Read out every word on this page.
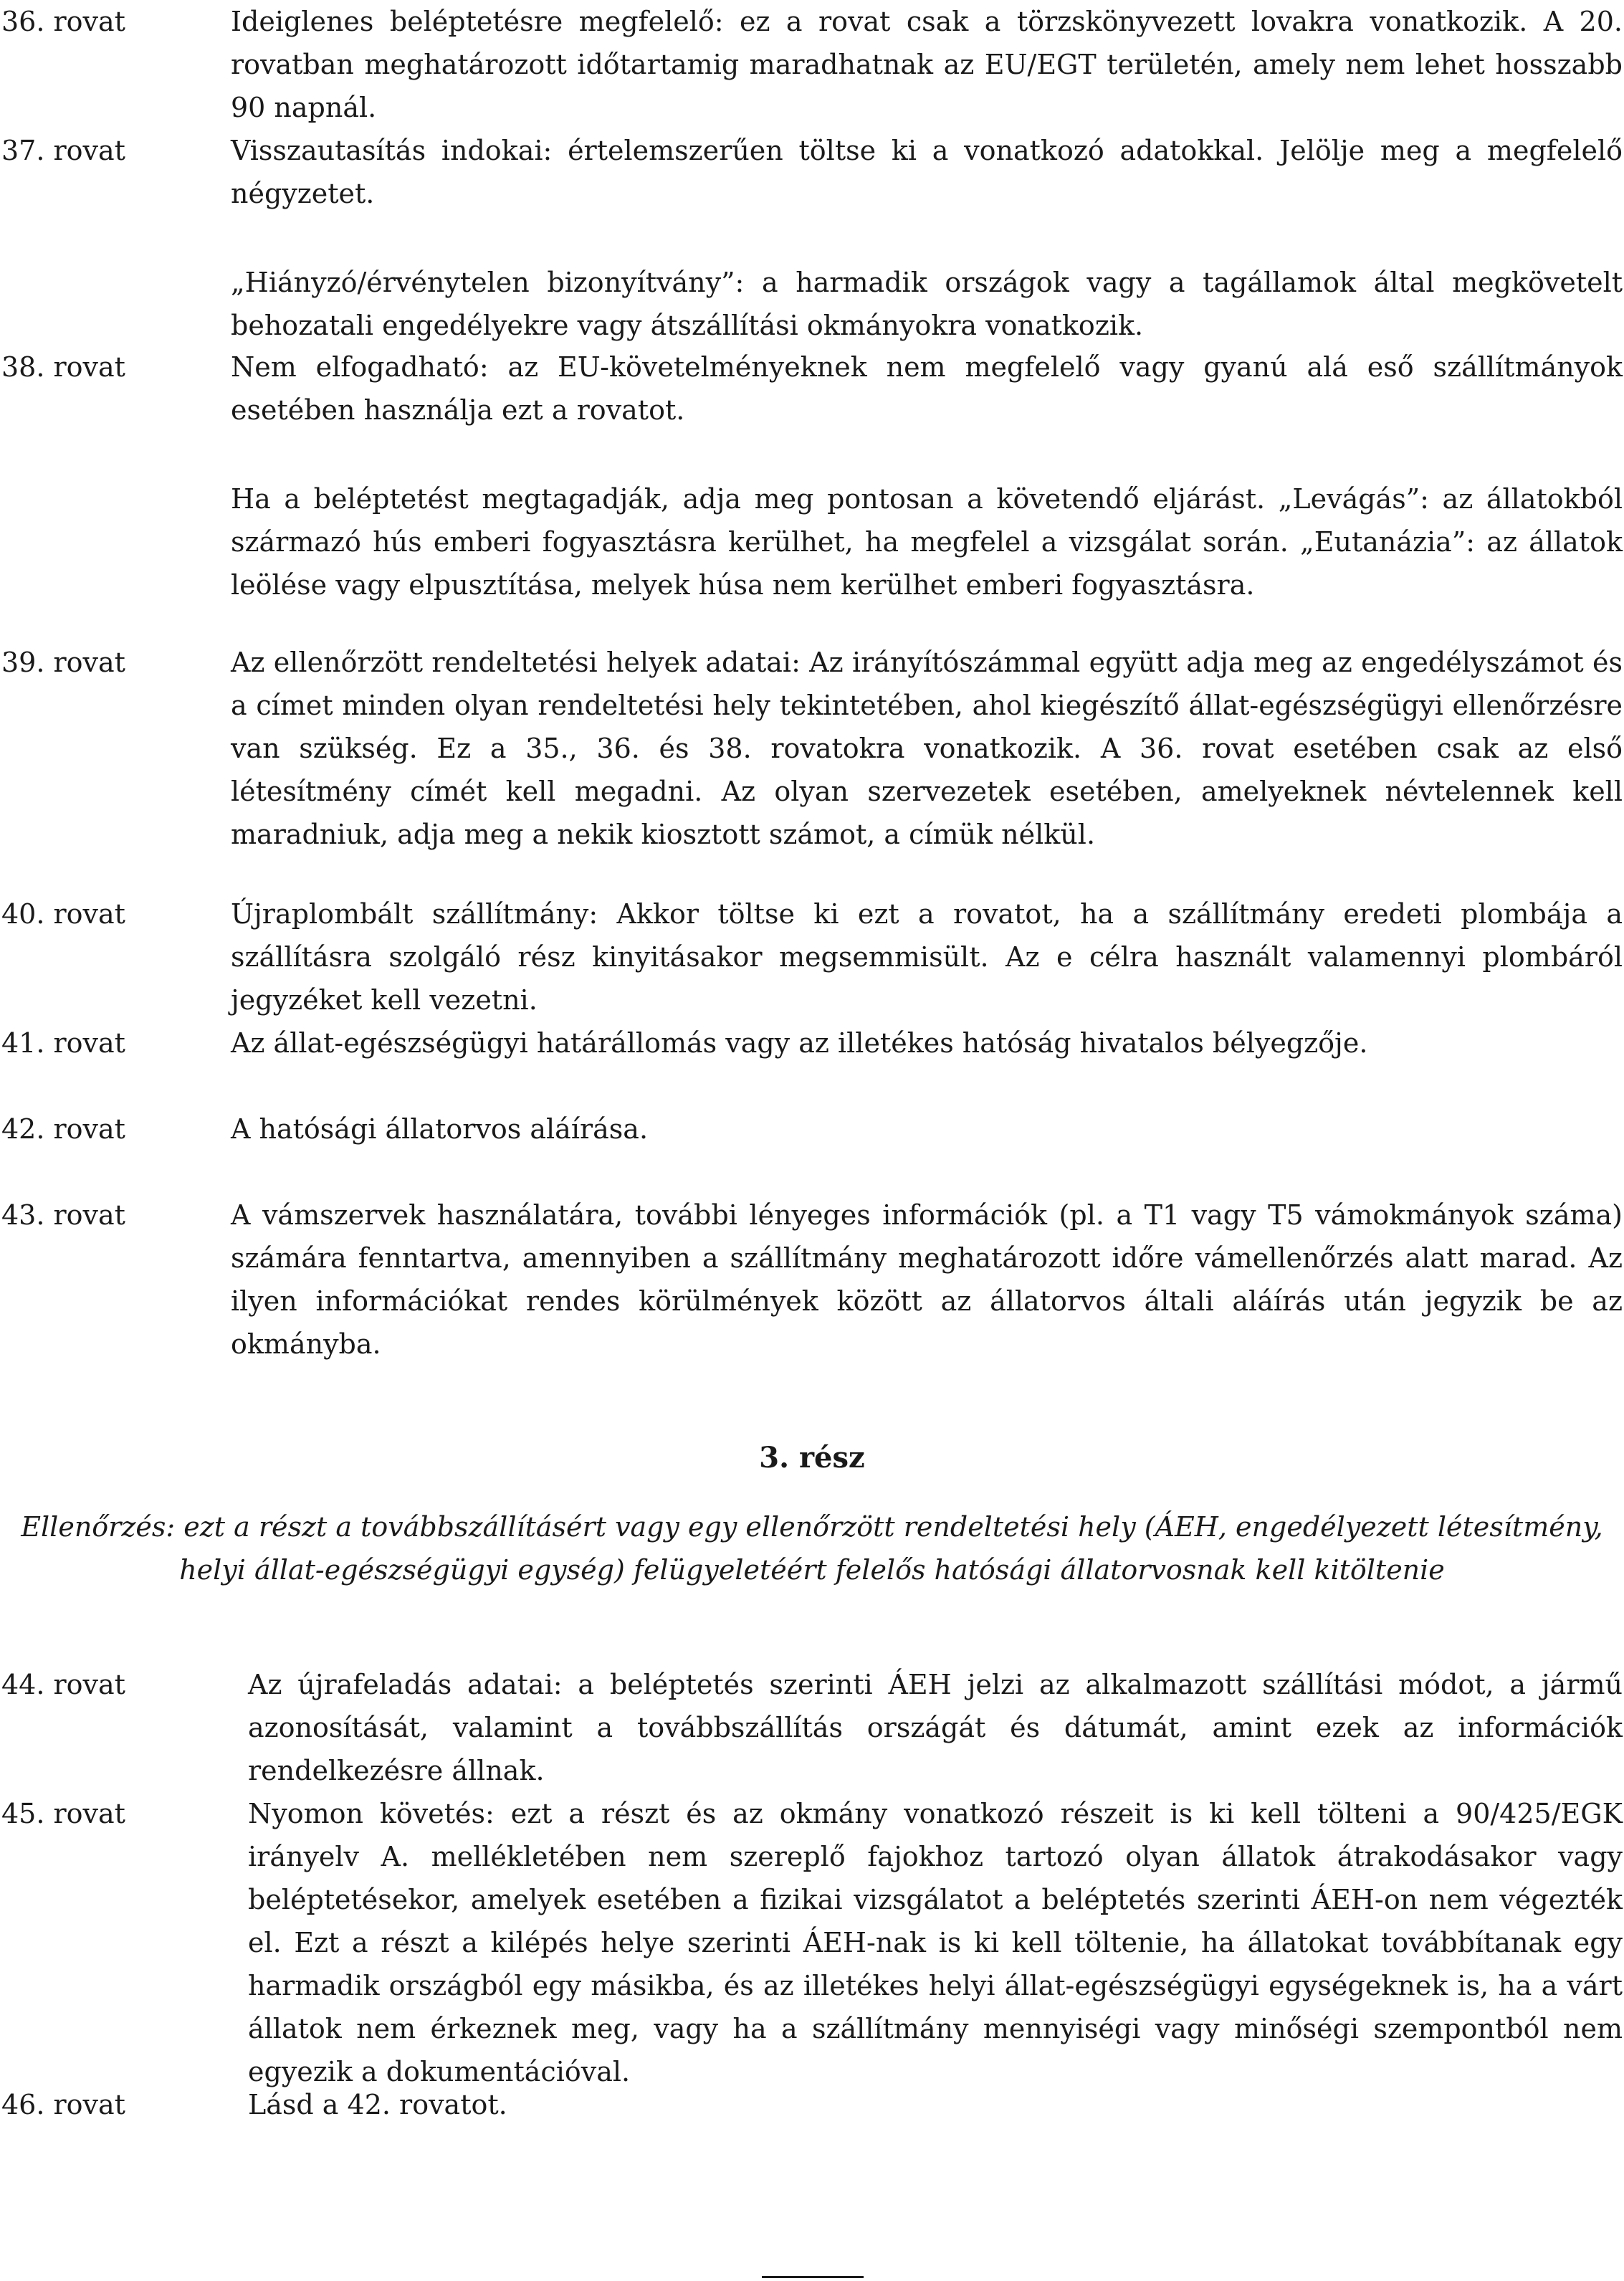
36. rovat	Ideiglenes beléptetésre megfelelő: ez a rovat csak a törzskönyvezett lovakra vonatkozik. A 20. rovatban meghatározott időtartamig maradhatnak az EU/EGT területén, amely nem lehet hosszabb 90 napnál.

37. rovat	Visszautasítás indokai: értelemszerűen töltse ki a vonatkozó adatokkal. Jelölje meg a megfelelő négyzetet.

„Hiányzó/érvénytelen bizonyítvány”: a harmadik országok vagy a tagállamok által megkövetelt behozatali engedélyekre vagy átszállítási okmányokra vonatkozik.

38. rovat	Nem elfogadható: az EU-követelményeknek nem megfelelő vagy gyanú alá eső szállítmányok esetében használja ezt a rovatot.

Ha a beléptetést megtagadják, adja meg pontosan a követendő eljárást. „Levágás”: az állatokból származó hús emberi fogyasztásra kerülhet, ha megfelel a vizsgálat során. „Eutanázia”: az állatok leölése vagy elpusztítása, melyek húsa nem kerülhet emberi fogyasztásra.

39. rovat	Az ellenőrzött rendeltetési helyek adatai: Az irányítószámmal együtt adja meg az engedélyszámot és a címet minden olyan rendeltetési hely tekintetében, ahol kiegészítő állat-egészségügyi ellenőrzésre van szükség. Ez a 35., 36. és 38. rovatokra vonatkozik. A 36. rovat esetében csak az első létesítmény címét kell megadni. Az olyan szervezetek esetében, amelyeknek névtelennek kell maradniuk, adja meg a nekik kiosztott számot, a címük nélkül.

40. rovat	Újraplombált szállítmány: Akkor töltse ki ezt a rovatot, ha a szállítmány eredeti plombája a szállításra szolgáló rész kinyitásakor megsemmisült. Az e célra használt valamennyi plombáról jegyzéket kell vezetni.

41. rovat	Az állat-egészségügyi határállomás vagy az illetékes hatóság hivatalos bélyegzője.

42. rovat	A hatósági állatorvos aláírása.

43. rovat	A vámszervek használatára, további lényeges információk (pl. a T1 vagy T5 vámokmányok száma) számára fenntartva, amennyiben a szállítmány meghatározott időre vámellenőrzés alatt marad. Az ilyen információkat rendes körülmények között az állatorvos általi aláírás után jegyzik be az okmányba.

3. rész
Ellenőrzés: ezt a részt a továbbszállításért vagy egy ellenőrzött rendeltetési hely (ÁEH, engedélyezett létesítmény, helyi állat-egészségügyi egység) felügyeletéért felelős hatósági állatorvosnak kell kitöltenie
44. rovat	Az újrafeladás adatai: a beléptetés szerinti ÁEH jelzi az alkalmazott szállítási módot, a jármű azonosítását, valamint a továbbszállítás országát és dátumát, amint ezek az információk rendelkezésre állnak.

45. rovat	Nyomon követés: ezt a részt és az okmány vonatkozó részeit is ki kell tölteni a 90/425/EGK irányelv A. mellékletében nem szereplő fajokhoz tartozó olyan állatok átrakodásakor vagy beléptetésekor, amelyek esetében a fizikai vizsgálatot a beléptetés szerinti ÁEH-on nem végezték el. Ezt a részt a kilépés helye szerinti ÁEH-nak is ki kell töltenie, ha állatokat továbbítanak egy harmadik országból egy másikba, és az illetékes helyi állat-egészségügyi egységeknek is, ha a várt állatok nem érkeznek meg, vagy ha a szállítmány mennyiségi vagy minőségi szempontból nem egyezik a dokumentációval.

46. rovat	Lásd a 42. rovatot.
